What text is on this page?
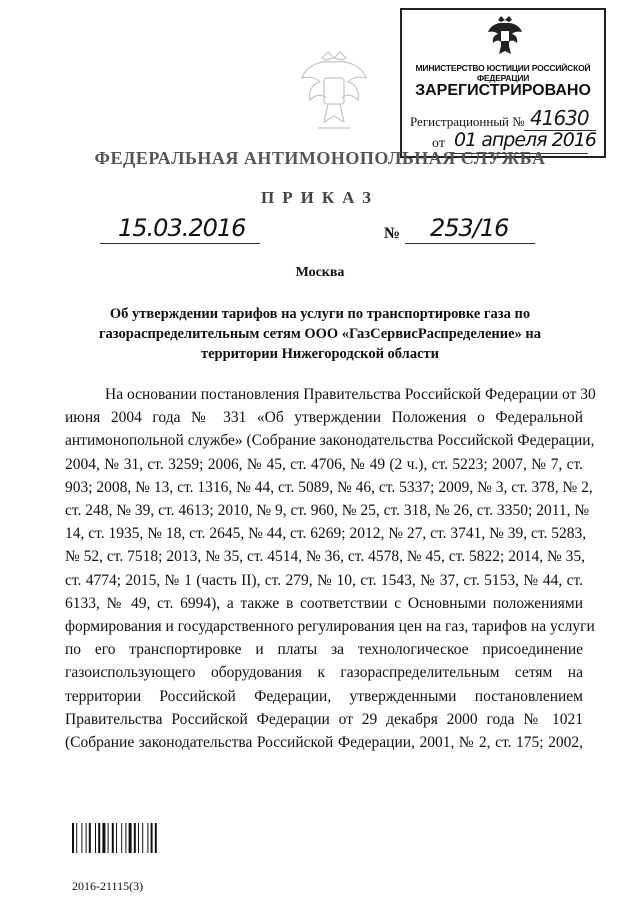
МИНИСТЕРСТВО ЮСТИЦИИ РОССИЙСКОЙ ФЕДЕРАЦИИ
ЗАРЕГИСТРИРОВАНО
Регистрационный № 41630
от 01 апреля 2016
ФЕДЕРАЛЬНАЯ АНТИМОНОПОЛЬНАЯ СЛУЖБА
ПРИКАЗ
15.03.2016	№ 253/16
Москва
Об утверждении тарифов на услуги по транспортировке газа по
газораспределительным сетям ООО «ГазСервисРаспределение» на
территории Нижегородской области
На основании постановления Правительства Российской Федерации от 30
июня 2004 года № 331 «Об утверждении Положения о Федеральной
антимонопольной службе» (Собрание законодательства Российской Федерации,
2004, № 31, ст. 3259; 2006, № 45, ст. 4706, № 49 (2 ч.), ст. 5223; 2007, № 7, ст.
903; 2008, № 13, ст. 1316, № 44, ст. 5089, № 46, ст. 5337; 2009, № 3, ст. 378, № 2,
ст. 248, № 39, ст. 4613; 2010, № 9, ст. 960, № 25, ст. 318, № 26, ст. 3350; 2011, №
14, ст. 1935, № 18, ст. 2645, № 44, ст. 6269; 2012, № 27, ст. 3741, № 39, ст. 5283,
№ 52, ст. 7518; 2013, № 35, ст. 4514, № 36, ст. 4578, № 45, ст. 5822; 2014, № 35,
ст. 4774; 2015, № 1 (часть II), ст. 279, № 10, ст. 1543, № 37, ст. 5153, № 44, ст.
6133, № 49, ст. 6994), а также в соответствии с Основными положениями
формирования и государственного регулирования цен на газ, тарифов на услуги
по его транспортировке и платы за технологическое присоединение
газоиспользующего оборудования к газораспределительным сетям на
территории Российской Федерации, утвержденными постановлением
Правительства Российской Федерации от 29 декабря 2000 года № 1021
(Собрание законодательства Российской Федерации, 2001, № 2, ст. 175; 2002,
2016-21115(3)
